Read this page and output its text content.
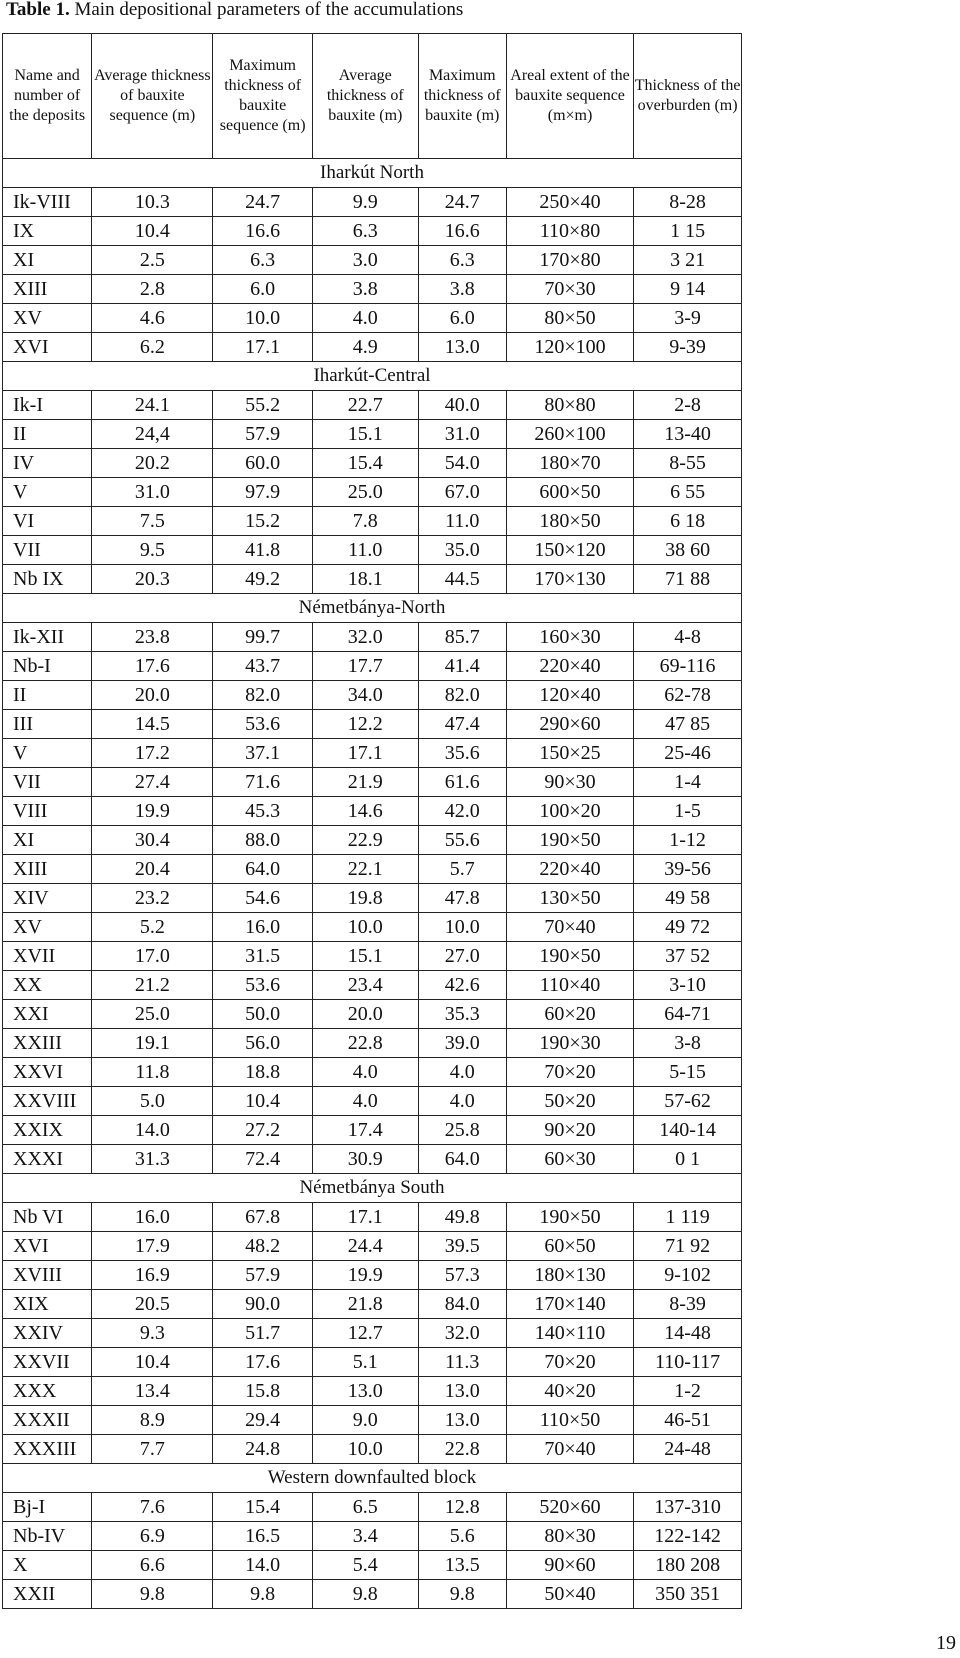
Table 1. Main depositional parameters of the accumulations
Name and number of the deposits	Average thickness of bauxite sequence (m)	Maximum thickness of bauxite sequence (m)	Average thickness of bauxite (m)	Maximum thickness of bauxite (m)	Areal extent of the bauxite sequence (m×m)	Thickness of the overburden (m)
Iharkút North						
Ik-VIII	10.3	24.7	9.9	24.7	250×40	8-28
IX	10.4	16.6	6.3	16.6	110×80	1 15
XI	2.5	6.3	3.0	6.3	170×80	3 21
XIII	2.8	6.0	3.8	3.8	70×30	9 14
XV	4.6	10.0	4.0	6.0	80×50	3-9
XVI	6.2	17.1	4.9	13.0	120×100	9-39
Iharkút-Central						
Ik-I	24.1	55.2	22.7	40.0	80×80	2-8
II	24,4	57.9	15.1	31.0	260×100	13-40
IV	20.2	60.0	15.4	54.0	180×70	8-55
V	31.0	97.9	25.0	67.0	600×50	6 55
VI	7.5	15.2	7.8	11.0	180×50	6 18
VII	9.5	41.8	11.0	35.0	150×120	38 60
Nb IX	20.3	49.2	18.1	44.5	170×130	71 88
Németbánya-North						
Ik-XII	23.8	99.7	32.0	85.7	160×30	4-8
Nb-I	17.6	43.7	17.7	41.4	220×40	69-116
II	20.0	82.0	34.0	82.0	120×40	62-78
III	14.5	53.6	12.2	47.4	290×60	47 85
V	17.2	37.1	17.1	35.6	150×25	25-46
VII	27.4	71.6	21.9	61.6	90×30	1-4
VIII	19.9	45.3	14.6	42.0	100×20	1-5
XI	30.4	88.0	22.9	55.6	190×50	1-12
XIII	20.4	64.0	22.1	5.7	220×40	39-56
XIV	23.2	54.6	19.8	47.8	130×50	49 58
XV	5.2	16.0	10.0	10.0	70×40	49 72
XVII	17.0	31.5	15.1	27.0	190×50	37 52
XX	21.2	53.6	23.4	42.6	110×40	3-10
XXI	25.0	50.0	20.0	35.3	60×20	64-71
XXIII	19.1	56.0	22.8	39.0	190×30	3-8
XXVI	11.8	18.8	4.0	4.0	70×20	5-15
XXVIII	5.0	10.4	4.0	4.0	50×20	57-62
XXIX	14.0	27.2	17.4	25.8	90×20	140-14
XXXI	31.3	72.4	30.9	64.0	60×30	0 1
Németbánya South						
Nb VI	16.0	67.8	17.1	49.8	190×50	1 119
XVI	17.9	48.2	24.4	39.5	60×50	71 92
XVIII	16.9	57.9	19.9	57.3	180×130	9-102
XIX	20.5	90.0	21.8	84.0	170×140	8-39
XXIV	9.3	51.7	12.7	32.0	140×110	14-48
XXVII	10.4	17.6	5.1	11.3	70×20	110-117
XXX	13.4	15.8	13.0	13.0	40×20	1-2
XXXII	8.9	29.4	9.0	13.0	110×50	46-51
XXXIII	7.7	24.8	10.0	22.8	70×40	24-48
Western downfaulted block						
Bj-I	7.6	15.4	6.5	12.8	520×60	137-310
Nb-IV	6.9	16.5	3.4	5.6	80×30	122-142
X	6.6	14.0	5.4	13.5	90×60	180 208
XXII	9.8	9.8	9.8	9.8	50×40	350 351
19
